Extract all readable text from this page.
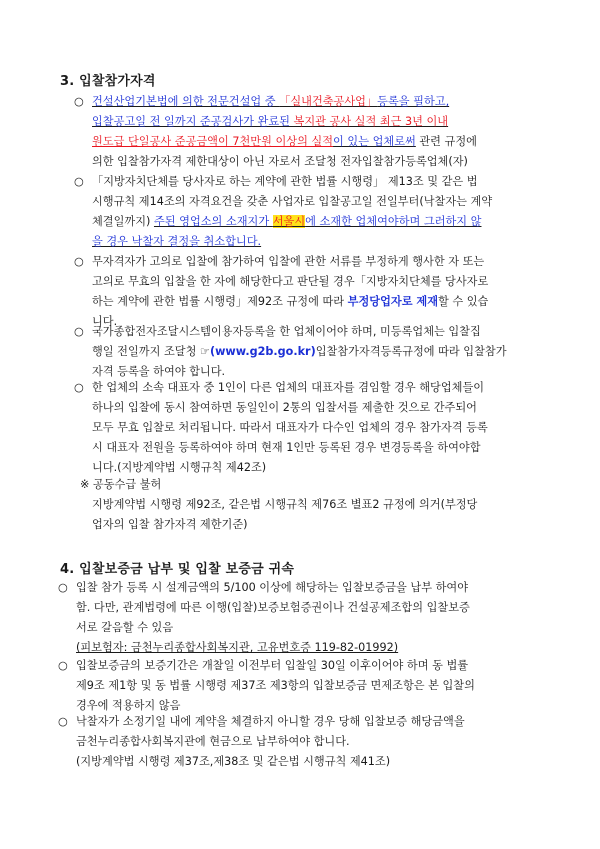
3. 입찰참가자격
○ 건설산업기본법에 의한 전문건설업 중 「실내건축공사업」등록을 필하고,
입찰공고일 전 일까지 준공검사가 완료된 복지관 공사 실적 최근 3년 이내
원도급 단일공사 준공금액이 7천만원 이상의 실적이 있는 업체로써 관련 규정에
의한 입찰참가자격 제한대상이 아닌 자로서 조달청 전자입찰참가등록업체(자)
○ 「지방자치단체를 당사자로 하는 계약에 관한 법률 시행령」 제13조 및 같은 법
시행규칙 제14조의 자격요건을 갖춘 사업자로 입찰공고일 전일부터(낙찰자는 계약
체결일까지) 주된 영업소의 소재지가 서울시에 소재한 업체여야하며 그러하지 않
을 경우 낙찰자 결정을 취소합니다.
○ 무자격자가 고의로 입찰에 참가하여 입찰에 관한 서류를 부정하게 행사한 자 또는
고의로 무효의 입찰을 한 자에 해당한다고 판단될 경우「지방자치단체를 당사자로
하는 계약에 관한 법률 시행령」제92조 규정에 따라 부정당업자로 제재할 수 있습
니다.
○ 국가종합전자조달시스템이용자등록을 한 업체이어야 하며, 미등록업체는 입찰집
행일 전일까지 조달청 ☞(www.g2b.go.kr)입찰참가자격등록규정에 따라 입찰참가
자격 등록을 하여야 합니다.
○ 한 업체의 소속 대표자 중 1인이 다른 업체의 대표자를 겸임할 경우 해당업체들이
하나의 입찰에 동시 참여하면 동일인이 2통의 입찰서를 제출한 것으로 간주되어
모두 무효 입찰로 처리됩니다. 따라서 대표자가 다수인 업체의 경우 참가자격 등록
시 대표자 전원을 등록하여야 하며 현재 1인만 등록된 경우 변경등록을 하여야합
니다.(지방계약법 시행규칙 제42조)
※ 공동수급 불허
지방계약법 시행령 제92조, 같은법 시행규칙 제76조 별표2 규정에 의거(부정당
업자의 입찰 참가자격 제한기준)
4. 입찰보증금 납부 및 입찰 보증금 귀속
○ 입찰 참가 등록 시 설계금액의 5/100 이상에 해당하는 입찰보증금을 납부 하여야
함. 다만, 관계법령에 따른 이행(입찰)보증보험증권이나 건설공제조합의 입찰보증
서로 갈음할 수 있음
(피보험자: 금천누리종합사회복지관, 고유번호증 119-82-01992)
○ 입찰보증금의 보증기간은 개찰일 이전부터 입찰일 30일 이후이어야 하며 동 법률
제9조 제1항 및 동 법률 시행령 제37조 제3항의 입찰보증금 면제조항은 본 입찰의
경우에 적용하지 않음
○ 낙찰자가 소정기일 내에 계약을 체결하지 아니할 경우 당해 입찰보증 해당금액을
금천누리종합사회복지관에 현금으로 납부하여야 합니다.
(지방계약법 시행령 제37조,제38조 및 같은법 시행규칙 제41조)
